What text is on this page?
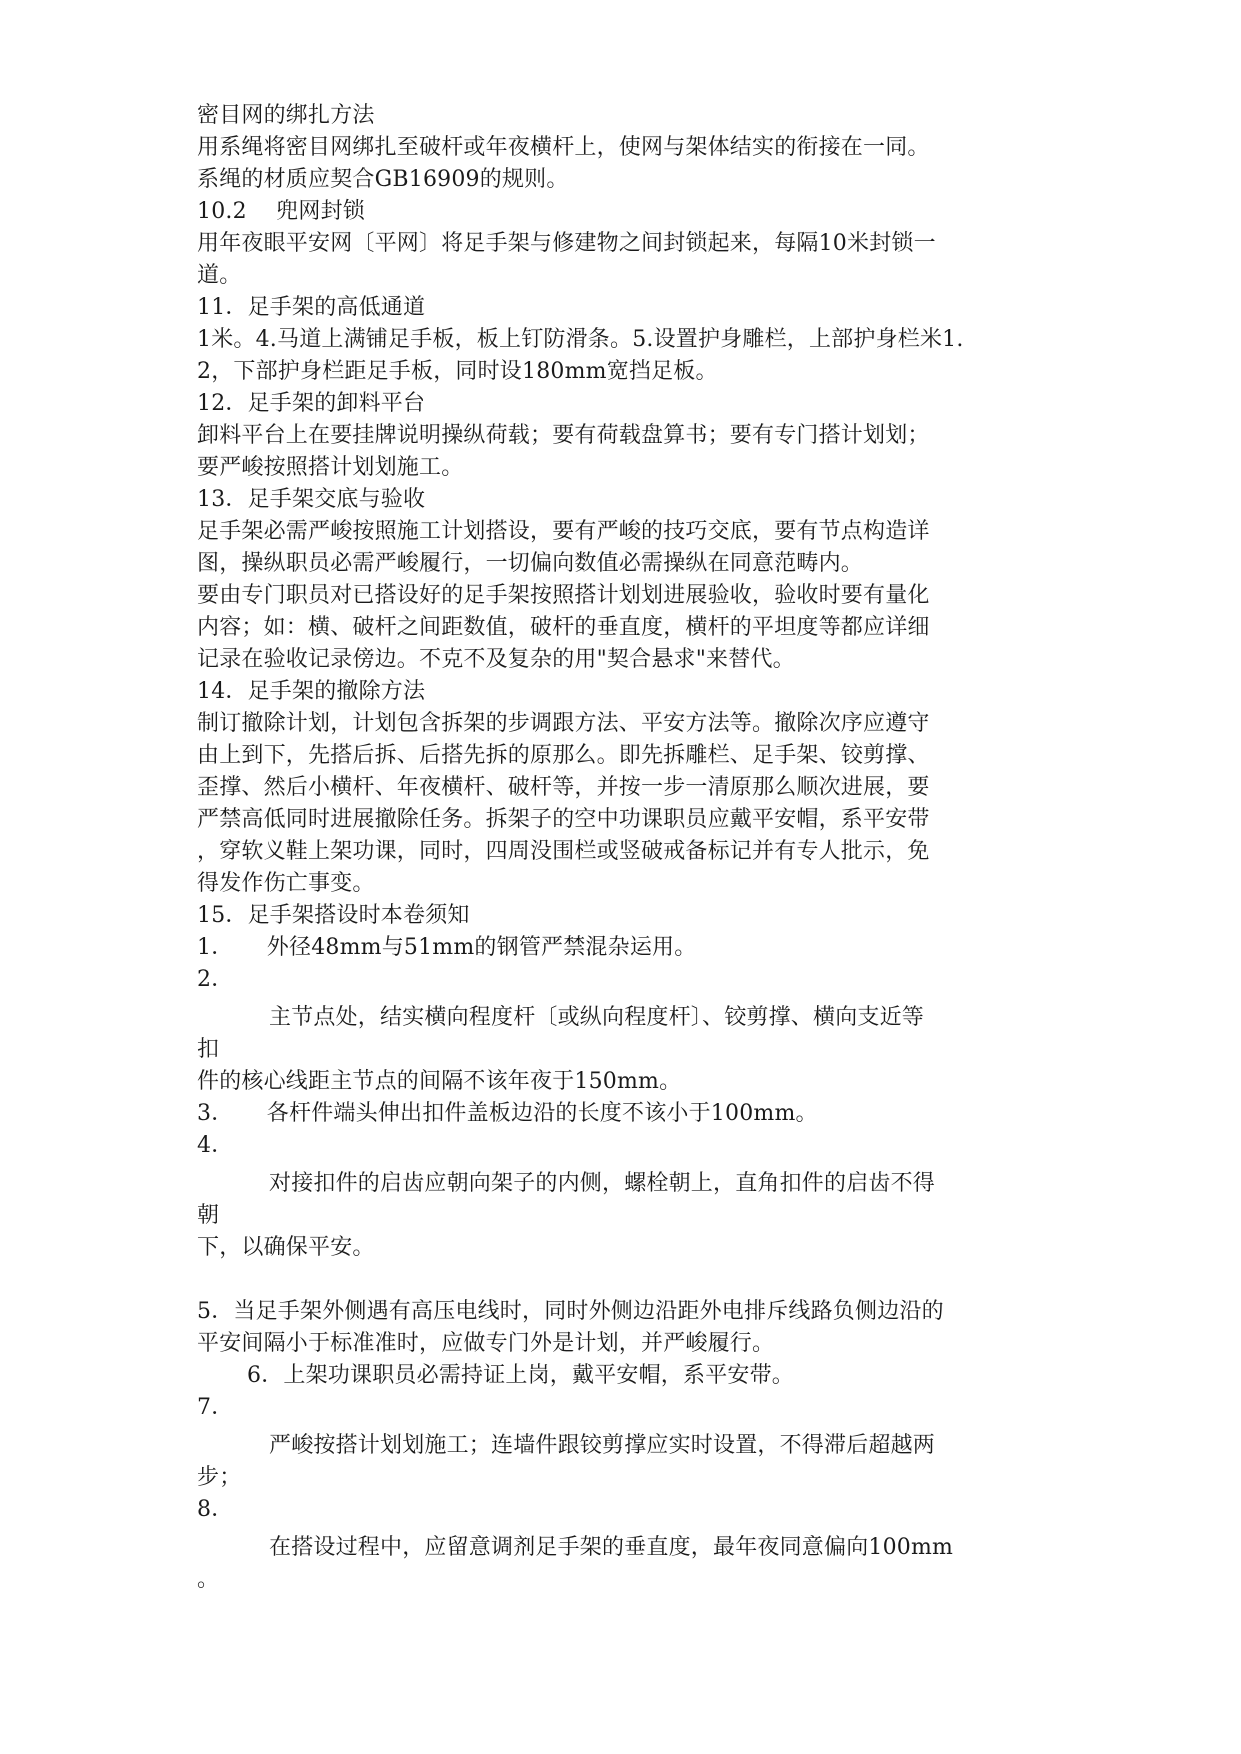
密目网的绑扎方法
用系绳将密目网绑扎至破杆或年夜横杆上，使网与架体结实的衔接在一同。
系绳的材质应契合GB16909的规则。
10.2　 兜网封锁
用年夜眼平安网〔平网〕将足手架与修建物之间封锁起来，每隔10米封锁一
道。
11．足手架的高低通道
1米。4.马道上满铺足手板，板上钉防滑条。5.设置护身雕栏，上部护身栏米1.
2，下部护身栏距足手板，同时设180mm宽挡足板。
12．足手架的卸料平台
卸料平台上在要挂牌说明操纵荷载；要有荷载盘算书；要有专门搭计划划；
要严峻按照搭计划划施工。
13．足手架交底与验收
足手架必需严峻按照施工计划搭设，要有严峻的技巧交底，要有节点构造详
图，操纵职员必需严峻履行，一切偏向数值必需操纵在同意范畴内。
要由专门职员对已搭设好的足手架按照搭计划划进展验收，验收时要有量化
内容；如：横、破杆之间距数值，破杆的垂直度，横杆的平坦度等都应详细
记录在验收记录傍边。不克不及复杂的用"契合悬求"来替代。
14．足手架的撤除方法
制订撤除计划，计划包含拆架的步调跟方法、平安方法等。撤除次序应遵守
由上到下，先搭后拆、后搭先拆的原那么。即先拆雕栏、足手架、铰剪撑、
歪撑、然后小横杆、年夜横杆、破杆等，并按一步一清原那么顺次进展，要
严禁高低同时进展撤除任务。拆架子的空中功课职员应戴平安帽，系平安带
，穿软义鞋上架功课，同时，四周没围栏或竖破戒备标记并有专人批示，免
得发作伤亡事变。
15．足手架搭设时本卷须知
1．　　外径48mm与51mm的钢管严禁混杂运用。
2．
主节点处，结实横向程度杆〔或纵向程度杆〕、铰剪撑、横向支近等
扣
件的核心线距主节点的间隔不该年夜于150mm。
3．　　各杆件端头伸出扣件盖板边沿的长度不该小于100mm。
4．
对接扣件的启齿应朝向架子的内侧，螺栓朝上，直角扣件的启齿不得
朝
下，以确保平安。
5．当足手架外侧遇有高压电线时，同时外侧边沿距外电排斥线路负侧边沿的
平安间隔小于标准准时，应做专门外是计划，并严峻履行。
6．上架功课职员必需持证上岗，戴平安帽，系平安带。
7．
严峻按搭计划划施工；连墙件跟铰剪撑应实时设置，不得滞后超越两
步；
8．
在搭设过程中，应留意调剂足手架的垂直度，最年夜同意偏向100mm
。
